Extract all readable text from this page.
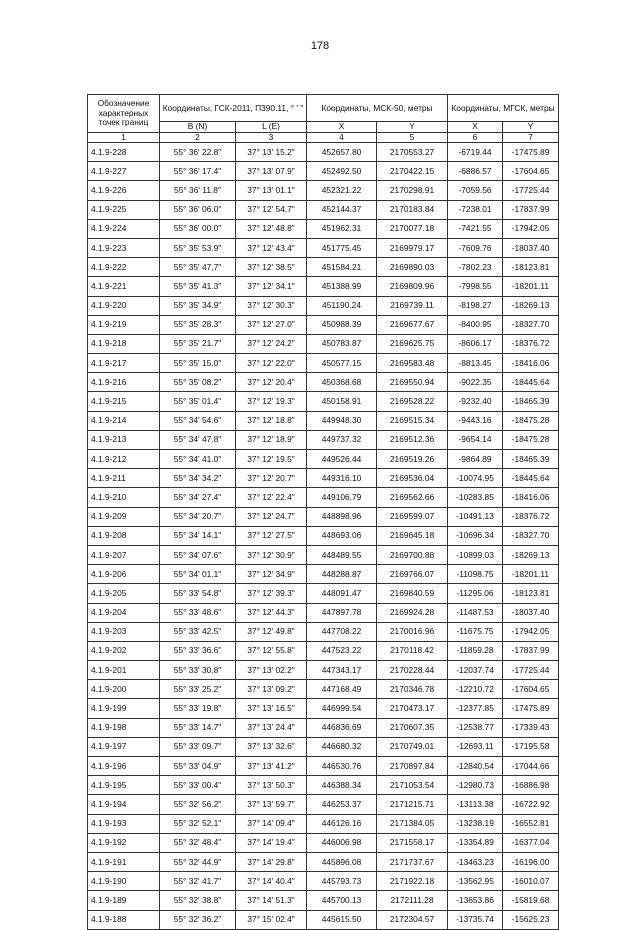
178
Обозначение характерных точек границ	Координаты, ГСК-2011, П390.11, ° ' "		Координаты, МСК-50, метры		Координаты, МГСК, метры	
	B (N)	L (E)	X	Y	X	Y
1	2	3	4	5	6	7
4.1.9-228	55° 36' 22.8"	37° 13' 15.2"	452657.80	2170553.27	-6719.44	-17475.89
4.1.9-227	55° 36' 17.4"	37° 13' 07.9"	452492.50	2170422.15	-6886.57	-17604.65
4.1.9-226	55° 36' 11.8"	37° 13' 01.1"	452321.22	2170298.91	-7059.56	-17725.44
4.1.9-225	55° 36' 06.0"	37° 12' 54.7"	452144.37	2170183.84	-7238.01	-17837.99
4.1.9-224	55° 36' 00.0"	37° 12' 48.8"	451962.31	2170077.18	-7421.55	-17942.05
4.1.9-223	55° 35' 53.9"	37° 12' 43.4"	451775.45	2169979.17	-7609.76	-18037.40
4.1.9-222	55° 35' 47.7"	37° 12' 38.5"	451584.21	2169890.03	-7802.23	-18123.81
4.1.9-221	55° 35' 41.3"	37° 12' 34.1"	451388.99	2169809.96	-7998.55	-18201.11
4.1.9-220	55° 35' 34.9"	37° 12' 30.3"	451190.24	2169739.11	-8198.27	-18269.13
4.1.9-219	55° 35' 28.3"	37° 12' 27.0"	450988.39	2169677.67	-8400.95	-18327.70
4.1.9-218	55° 35' 21.7"	37° 12' 24.2"	450783.87	2169625.75	-8606.17	-18376.72
4.1.9-217	55° 35' 15.0"	37° 12' 22.0"	450577.15	2169583.48	-8813.45	-18416.06
4.1.9-216	55° 35' 08.2"	37° 12' 20.4"	450368.68	2169550.94	-9022.35	-18445.64
4.1.9-215	55° 35' 01.4"	37° 12' 19.3"	450158.91	2169528.22	-9232.40	-18465.39
4.1.9-214	55° 34' 54.6"	37° 12' 18.8"	449948.30	2169515.34	-9443.16	-18475.28
4.1.9-213	55° 34' 47.8"	37° 12' 18.9"	449737.32	2169512.36	-9654.14	-18475.28
4.1.9-212	55° 34' 41.0"	37° 12' 19.5"	449526.44	2169519.26	-9864.89	-18465.39
4.1.9-211	55° 34' 34.2"	37° 12' 20.7"	449316.10	2169536.04	-10074.95	-18445.64
4.1.9-210	55° 34' 27.4"	37° 12' 22.4"	449106.79	2169562.66	-10283.85	-18416.06
4.1.9-209	55° 34' 20.7"	37° 12' 24.7"	448898.96	2169599.07	-10491.13	-18376.72
4.1.9-208	55° 34' 14.1"	37° 12' 27.5"	448693.06	2169645.18	-10696.34	-18327.70
4.1.9-207	55° 34' 07.6"	37° 12' 30.9"	448489.55	2169700.88	-10899.03	-18269.13
4.1.9-206	55° 34' 01.1"	37° 12' 34.9"	448288.87	2169766.07	-11098.75	-18201.11
4.1.9-205	55° 33' 54.8"	37° 12' 39.3"	448091.47	2169840.59	-11295.06	-18123.81
4.1.9-204	55° 33' 48.6"	37° 12' 44.3"	447897.78	2169924.28	-11487.53	-18037.40
4.1.9-203	55° 33' 42.5"	37° 12' 49.8"	447708.22	2170016.96	-11675.75	-17942.05
4.1.9-202	55° 33' 36.6"	37° 12' 55.8"	447523.22	2170118.42	-11859.28	-17837.99
4.1.9-201	55° 33' 30.8"	37° 13' 02.2"	447343.17	2170228.44	-12037.74	-17725.44
4.1.9-200	55° 33' 25.2"	37° 13' 09.2"	447168.49	2170346.78	-12210.72	-17604.65
4.1.9-199	55° 33' 19.8"	37° 13' 16.5"	446999.54	2170473.17	-12377.85	-17475.89
4.1.9-198	55° 33' 14.7"	37° 13' 24.4"	446836.69	2170607.35	-12538.77	-17339.43
4.1.9-197	55° 33' 09.7"	37° 13' 32.6"	446680.32	2170749.01	-12693.11	-17195.58
4.1.9-196	55° 33' 04.9"	37° 13' 41.2"	446530.76	2170897.84	-12840.54	-17044.66
4.1.9-195	55° 33' 00.4"	37° 13' 50.3"	446388.34	2171053.54	-12980.73	-16886.98
4.1.9-194	55° 32' 56.2"	37° 13' 59.7"	446253.37	2171215.71	-13113.38	-16722.92
4.1.9-193	55° 32' 52.1"	37° 14' 09.4"	446126.16	2171384.05	-13238.19	-16552.81
4.1.9-192	55° 32' 48.4"	37° 14' 19.4"	446006.98	2171558.17	-13354.89	-16377.04
4.1.9-191	55° 32' 44.9"	37° 14' 29.8"	445896.08	2171737.67	-13463.23	-16196.00
4.1.9-190	55° 32' 41.7"	37° 14' 40.4"	445793.73	2171922.18	-13562.95	-16010.07
4.1.9-189	55° 32' 38.8"	37° 14' 51.3"	445700.13	2172111.28	-13653.86	-15819.68
4.1.9-188	55° 32' 36.2"	37° 15' 02.4"	445615.50	2172304.57	-13735.74	-15625.23
